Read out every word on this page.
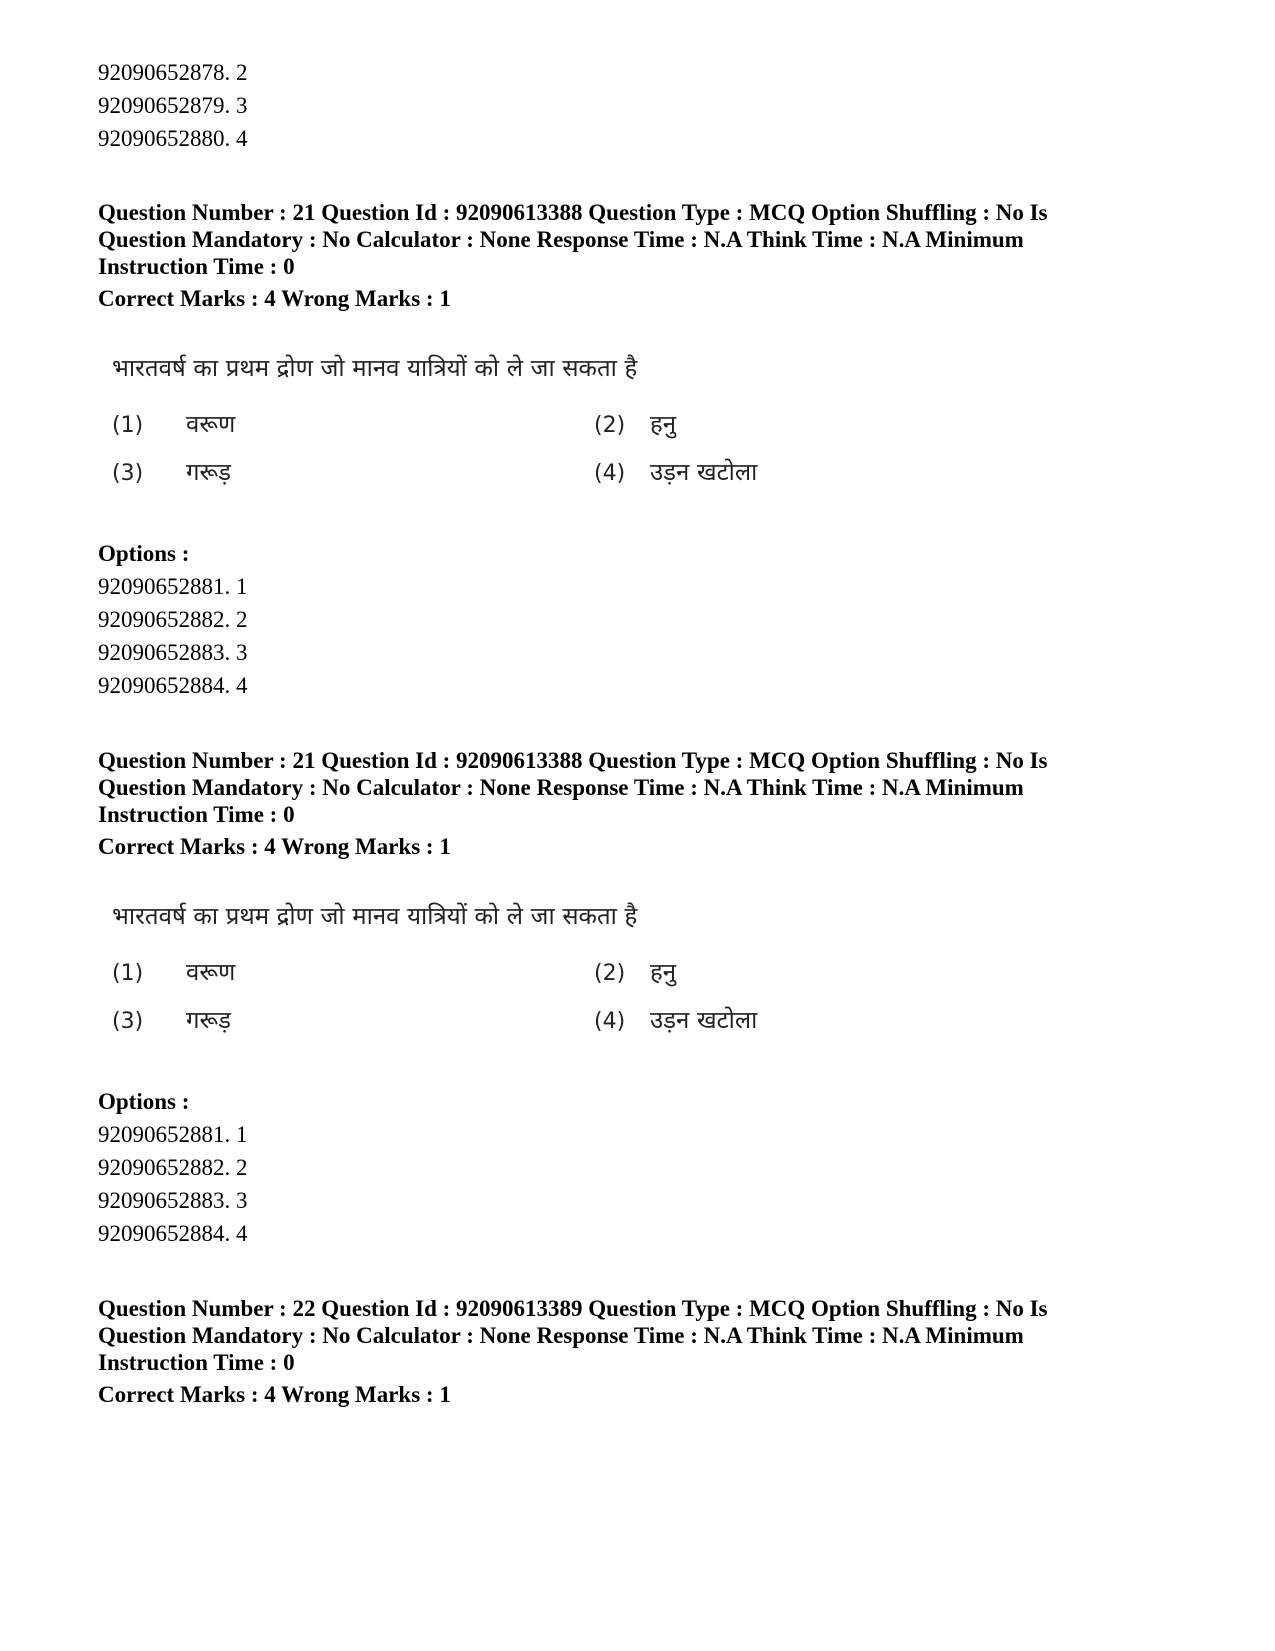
92090652878. 2
92090652879. 3
92090652880. 4
Question Number : 21 Question Id : 92090613388 Question Type : MCQ Option Shuffling : No Is
Question Mandatory : No Calculator : None Response Time : N.A Think Time : N.A Minimum
Instruction Time : 0
Correct Marks : 4 Wrong Marks : 1
भारतवर्ष का प्रथम द्रोण जो मानव यात्रियों को ले जा सकता है
(1) वरूण	(2) हनु
(3) गरूड़	(4) उड़न खटोला
Options :
92090652881. 1
92090652882. 2
92090652883. 3
92090652884. 4
Question Number : 21 Question Id : 92090613388 Question Type : MCQ Option Shuffling : No Is
Question Mandatory : No Calculator : None Response Time : N.A Think Time : N.A Minimum
Instruction Time : 0
Correct Marks : 4 Wrong Marks : 1
भारतवर्ष का प्रथम द्रोण जो मानव यात्रियों को ले जा सकता है
(1) वरूण	(2) हनु
(3) गरूड़	(4) उड़न खटोला
Options :
92090652881. 1
92090652882. 2
92090652883. 3
92090652884. 4
Question Number : 22 Question Id : 92090613389 Question Type : MCQ Option Shuffling : No Is
Question Mandatory : No Calculator : None Response Time : N.A Think Time : N.A Minimum
Instruction Time : 0
Correct Marks : 4 Wrong Marks : 1
